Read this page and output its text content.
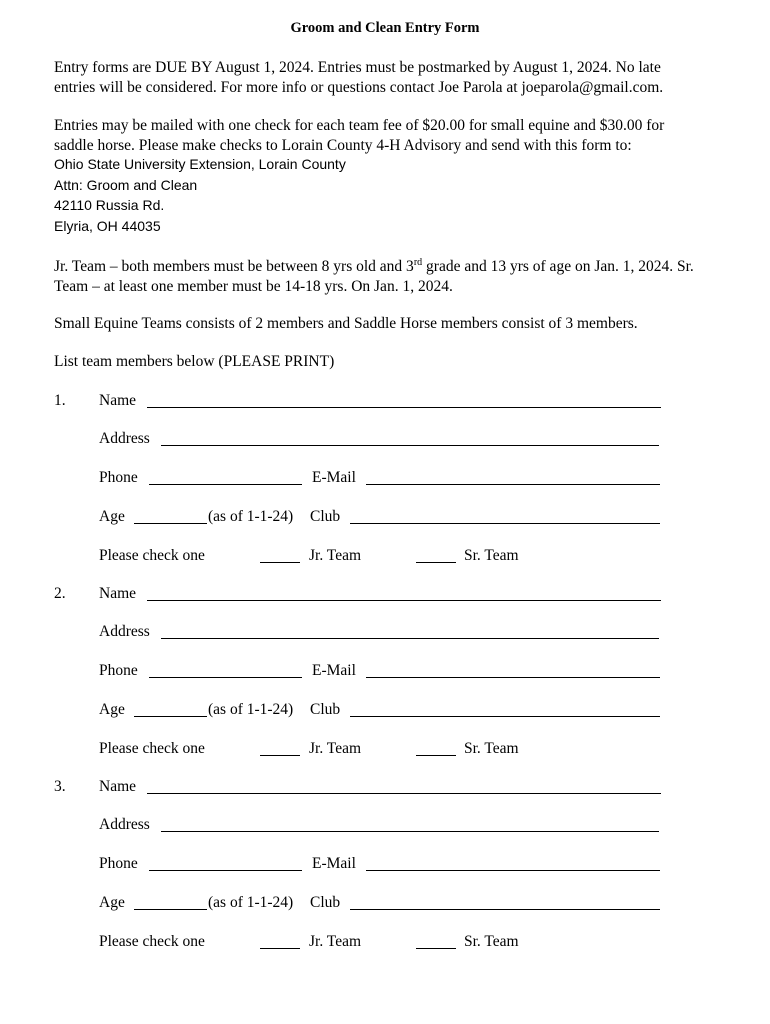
Groom and Clean Entry Form
Entry forms are DUE BY August 1, 2024. Entries must be postmarked by August 1, 2024. No late
entries will be considered. For more info or questions contact Joe Parola at joeparola@gmail.com.
Entries may be mailed with one check for each team fee of $20.00 for small equine and $30.00 for
saddle horse. Please make checks to Lorain County 4-H Advisory and send with this form to:
Ohio State University Extension, Lorain County
Attn: Groom and Clean
42110 Russia Rd.
Elyria, OH 44035
Jr. Team – both members must be between 8 yrs old and 3rd grade and 13 yrs of age on Jan. 1, 2024. Sr.
Team – at least one member must be 14-18 yrs. On Jan. 1, 2024.
Small Equine Teams consists of 2 members and Saddle Horse members consist of 3 members.
List team members below (PLEASE PRINT)
1. Name
Address
Phone	E-Mail
Age	(as of 1-1-24) Club
Please check one	Jr. Team	Sr. Team
2. Name
Address
Phone	E-Mail
Age	(as of 1-1-24) Club
Please check one	Jr. Team	Sr. Team
3. Name
Address
Phone	E-Mail
Age	(as of 1-1-24) Club
Please check one	Jr. Team	Sr. Team
